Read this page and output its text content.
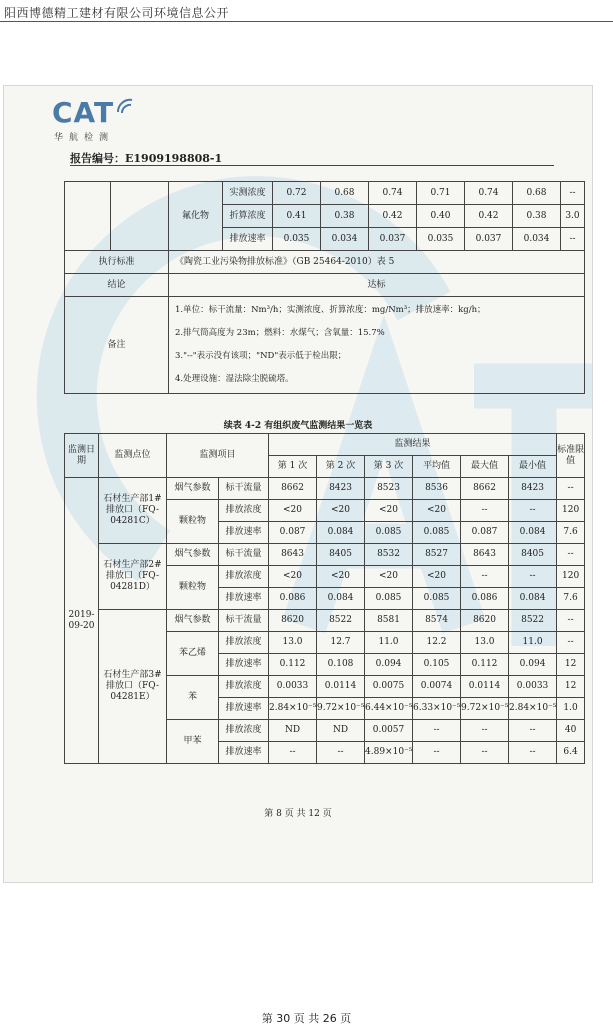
阳西博德精工建材有限公司环境信息公开
CAT
华航检测
报告编号：E1909198808-1
		氟化物	实测浓度	0.72	0.68	0.74	0.71	0.74	0.68	--
			折算浓度	0.41	0.38	0.42	0.40	0.42	0.38	3.0
			排放速率	0.035	0.034	0.037	0.035	0.037	0.034	--
执行标准		《陶瓷工业污染物排放标准》（GB 25464-2010）表 5								
结论		达标								
备注		1.单位：标干流量：Nm³/h；实测浓度、折算浓度：mg/Nm³；排放速率：kg/h；
2.排气筒高度为 23m；燃料：水煤气；含氧量：15.7%
3."--"表示没有该项；"ND"表示低于检出限；
4.处理设施：湿法除尘脱硫塔。								
续表 4-2 有组织废气监测结果一览表
监测日期	监测点位	监测项目		监测结果						标准限值
				第 1 次	第 2 次	第 3 次	平均值	最大值	最小值	
2019-09-20	石材生产部1#排放口（FQ-04281C）	烟气参数	标干流量	8662	8423	8523	8536	8662	8423	--
		颗粒物	排放浓度	<20	<20	<20	<20	--	--	120
			排放速率	0.087	0.084	0.085	0.085	0.087	0.084	7.6
	石材生产部2#排放口（FQ-04281D）	烟气参数	标干流量	8643	8405	8532	8527	8643	8405	--
		颗粒物	排放浓度	<20	<20	<20	<20	--	--	120
			排放速率	0.086	0.084	0.085	0.085	0.086	0.084	7.6
	石材生产部3#排放口（FQ-04281E）	烟气参数	标干流量	8620	8522	8581	8574	8620	8522	--
		苯乙烯	排放浓度	13.0	12.7	11.0	12.2	13.0	11.0	--
			排放速率	0.112	0.108	0.094	0.105	0.112	0.094	12
		苯	排放浓度	0.0033	0.0114	0.0075	0.0074	0.0114	0.0033	12
			排放速率	2.84×10⁻⁵	9.72×10⁻⁵	6.44×10⁻⁵	6.33×10⁻⁵	9.72×10⁻⁵	2.84×10⁻⁵	1.0
		甲苯	排放浓度	ND	ND	0.0057	--	--	--	40
			排放速率	--	--	4.89×10⁻⁵	--	--	--	6.4
第 8 页 共 12 页
第 30 页 共 26 页
